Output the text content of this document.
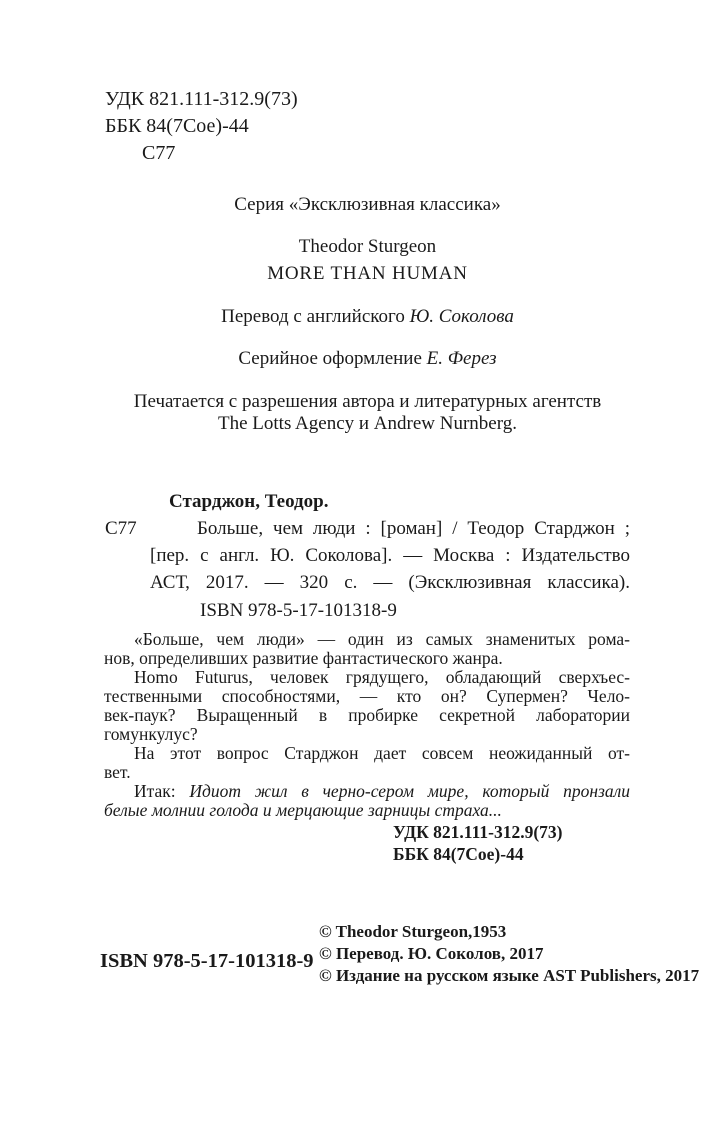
УДК 821.111-312.9(73)
ББК 84(7Сое)-44
С77
Серия «Эксклюзивная классика»
Theodor Sturgeon
MORE THAN HUMAN
Перевод с английского Ю. Соколова
Серийное оформление Е. Ферез
Печатается с разрешения автора и литературных агентств
The Lotts Agency и Andrew Nurnberg.
С77
Старджон, Теодор.
Больше, чем люди : [роман] / Теодор Старджон ;
[пер. с англ. Ю. Соколова]. — Москва : Издательство
АСТ, 2017. — 320 с. — (Эксклюзивная классика).
ISBN 978-5-17-101318-9
«Больше, чем люди» — один из самых знаменитых рома-
нов, определивших развитие фантастического жанра.
Homo Futurus, человек грядущего, обладающий сверхъес-
тественными способностями, — кто он? Супермен? Чело-
век-паук? Выращенный в пробирке секретной лаборатории
гомункулус?
На этот вопрос Старджон дает совсем неожиданный от-
вет.
Итак: Идиот жил в черно-сером мире, который пронзали
белые молнии голода и мерцающие зарницы страха...
УДК 821.111-312.9(73)
ББК 84(7Сое)-44
ISBN 978-5-17-101318-9
© Theodor Sturgeon,1953
© Перевод. Ю. Соколов, 2017
© Издание на русском языке AST Publishers, 2017
